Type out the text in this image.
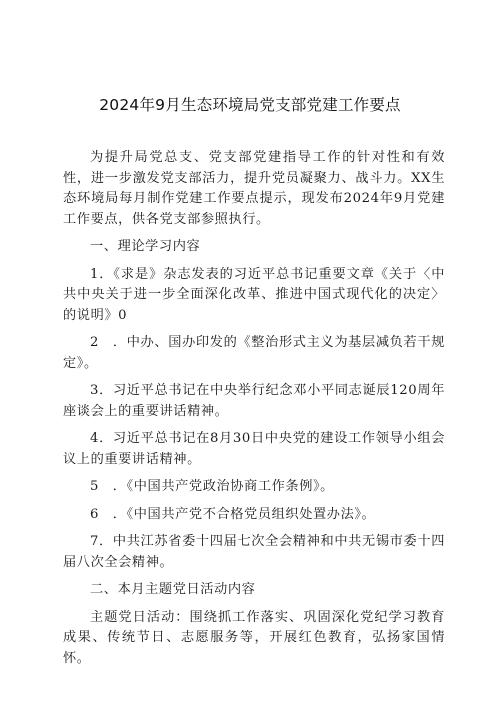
2024年9月生态环境局党支部党建工作要点

为提升局党总支、党支部党建指导工作的针对性和有效性，进一步激发党支部活力，提升党员凝聚力、战斗力。XX生态环境局每月制作党建工作要点提示，现发布2024年9月党建工作要点，供各党支部参照执行。

一、理论学习内容

1．《求是》杂志发表的习近平总书记重要文章《关于〈中共中央关于进一步全面深化改革、推进中国式现代化的决定〉的说明》0

2　．中办、国办印发的《整治形式主义为基层减负若干规定》。

3．习近平总书记在中央举行纪念邓小平同志诞辰120周年座谈会上的重要讲话精神。

4．习近平总书记在8月30日中央党的建设工作领导小组会议上的重要讲话精神。

5　．《中国共产党政治协商工作条例》。

6　．《中国共产党不合格党员组织处置办法》。

7．中共江苏省委十四届七次全会精神和中共无锡市委十四届八次全会精神。

二、本月主题党日活动内容

主题党日活动：围绕抓工作落实、巩固深化党纪学习教育成果、传统节日、志愿服务等，开展红色教育，弘扬家国情怀。
